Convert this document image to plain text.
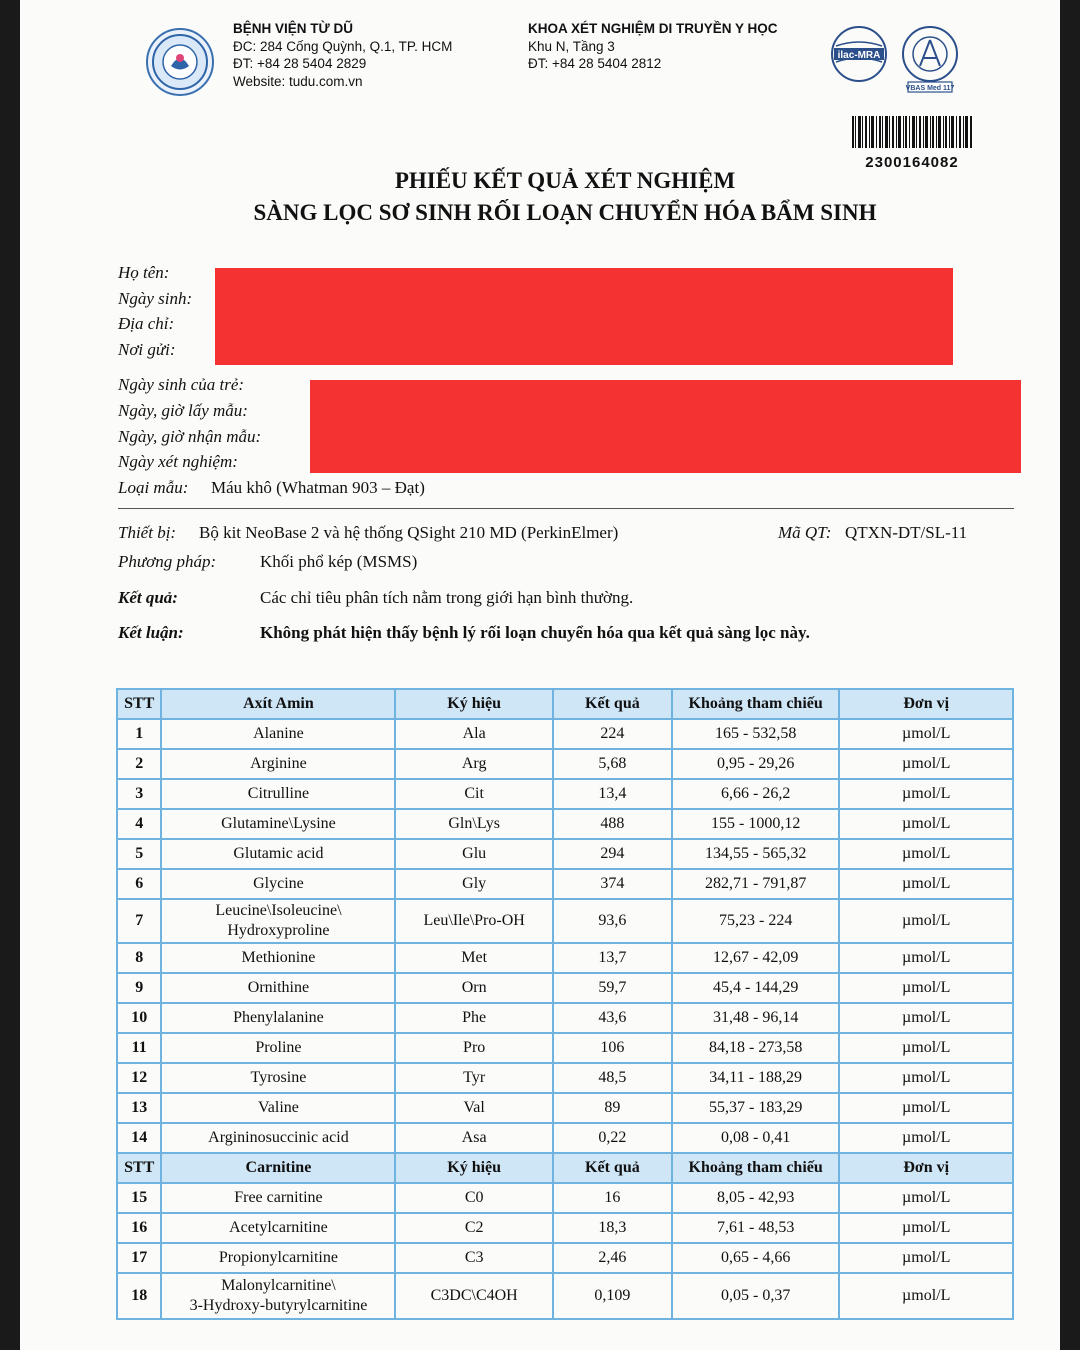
BỆNH VIỆN TỪ DŨ
ĐC: 284 Cống Quỳnh, Q.1, TP. HCM
ĐT: +84 28 5404 2829
Website: tudu.com.vn
KHOA XÉT NGHIỆM DI TRUYỀN Y HỌC
Khu N, Tầng 3
ĐT: +84 28 5404 2812
ilac-MRA
VBAS Med 117
2300164082
PHIẾU KẾT QUẢ XÉT NGHIỆM
SÀNG LỌC SƠ SINH RỐI LOẠN CHUYỂN HÓA BẨM SINH
Họ tên:
Ngày sinh:
Địa chỉ:
Nơi gửi:
Ngày sinh của trẻ:
Ngày, giờ lấy mẫu:
Ngày, giờ nhận mẫu:
Ngày xét nghiệm:
Loại mẫu: Máu khô (Whatman 903 – Đạt)
Thiết bị: Bộ kit NeoBase 2 và hệ thống QSight 210 MD (PerkinElmer)	Mã QT: QTXN-DT/SL-11
Phương pháp:	Khối phổ kép (MSMS)
Kết quả:	Các chỉ tiêu phân tích nằm trong giới hạn bình thường.
Kết luận:	Không phát hiện thấy bệnh lý rối loạn chuyển hóa qua kết quả sàng lọc này.
STT	Axít Amin	Ký hiệu	Kết quả	Khoảng tham chiếu	Đơn vị
1	Alanine	Ala	224	165 - 532,58	µmol/L
2	Arginine	Arg	5,68	0,95 - 29,26	µmol/L
3	Citrulline	Cit	13,4	6,66 - 26,2	µmol/L
4	Glutamine\Lysine	Gln\Lys	488	155 - 1000,12	µmol/L
5	Glutamic acid	Glu	294	134,55 - 565,32	µmol/L
6	Glycine	Gly	374	282,71 - 791,87	µmol/L
7	Leucine\Isoleucine\
Hydroxyproline	Leu\Ile\Pro-OH	93,6	75,23 - 224	µmol/L
8	Methionine	Met	13,7	12,67 - 42,09	µmol/L
9	Ornithine	Orn	59,7	45,4 - 144,29	µmol/L
10	Phenylalanine	Phe	43,6	31,48 - 96,14	µmol/L
11	Proline	Pro	106	84,18 - 273,58	µmol/L
12	Tyrosine	Tyr	48,5	34,11 - 188,29	µmol/L
13	Valine	Val	89	55,37 - 183,29	µmol/L
14	Argininosuccinic acid	Asa	0,22	0,08 - 0,41	µmol/L
STT	Carnitine	Ký hiệu	Kết quả	Khoảng tham chiếu	Đơn vị
15	Free carnitine	C0	16	8,05 - 42,93	µmol/L
16	Acetylcarnitine	C2	18,3	7,61 - 48,53	µmol/L
17	Propionylcarnitine	C3	2,46	0,65 - 4,66	µmol/L
18	Malonylcarnitine\
3-Hydroxy-butyrylcarnitine	C3DC\C4OH	0,109	0,05 - 0,37	µmol/L
